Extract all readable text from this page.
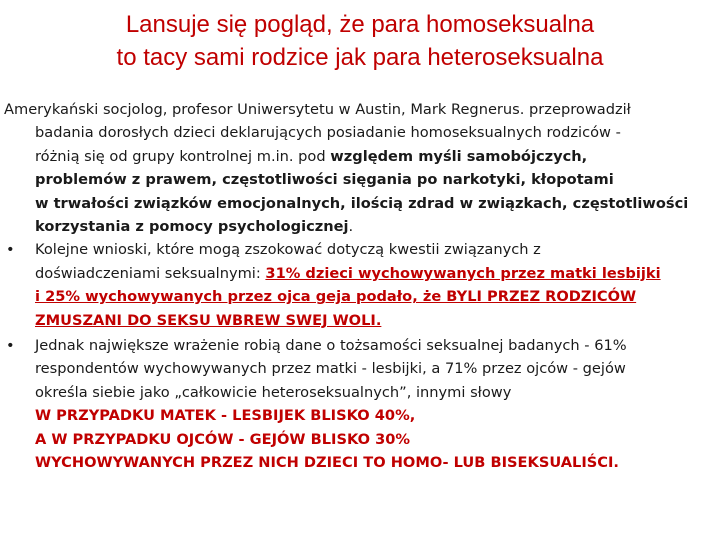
Lansuje się pogląd, że para homoseksualna
to tacy sami rodzice jak para heteroseksualna
Amerykański socjolog, profesor Uniwersytetu w Austin, Mark Regnerus. przeprowadził
badania dorosłych dzieci deklarujących posiadanie homoseksualnych rodziców -
różnią się od grupy kontrolnej m.in. pod względem myśli samobójczych,
problemów z prawem, częstotliwości sięgania po narkotyki, kłopotami
w trwałości związków emocjonalnych, ilością zdrad w związkach, częstotliwości
korzystania z pomocy psychologicznej.
• Kolejne wnioski, które mogą zszokować dotyczą kwestii związanych z
doświadczeniami seksualnymi: 31% dzieci wychowywanych przez matki lesbijki
i 25% wychowywanych przez ojca geja podało, że BYLI PRZEZ RODZICÓW
ZMUSZANI DO SEKSU WBREW SWEJ WOLI.
• Jednak największe wrażenie robią dane o tożsamości seksualnej badanych - 61%
respondentów wychowywanych przez matki - lesbijki, a 71% przez ojców - gejów
określa siebie jako „całkowicie heteroseksualnych”, innymi słowy
W PRZYPADKU MATEK - LESBIJEK BLISKO 40%,
A W PRZYPADKU OJCÓW - GEJÓW BLISKO 30%
WYCHOWYWANYCH PRZEZ NICH DZIECI TO HOMO- LUB BISEKSUALIŚCI.
